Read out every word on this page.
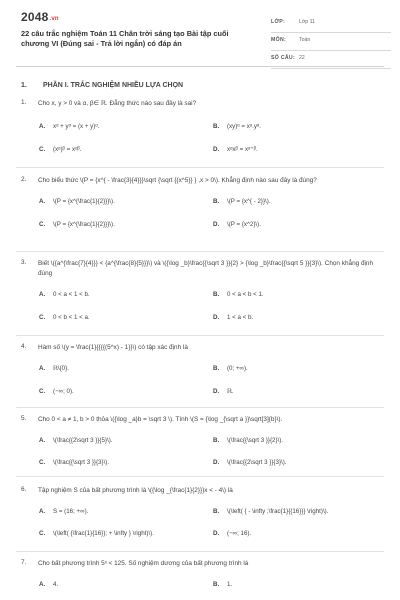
2048.vn
22 câu trắc nghiệm Toán 11 Chân trời sáng tạo Bài tập cuối chương VI (Đúng sai - Trả lời ngắn) có đáp án
LỚP:	Lớp 11
MÔN: Toán
SỐ CÂU: 22
1. PHẦN I. TRẮC NGHIỆM NHIỀU LỰA CHỌN
1.	Cho x, y > 0 và α, β∈ ℝ. Đẳng thức nào sau đây là sai?
A. xᵅ + yᵅ = (x + y)ᵅ.	B. (xy)ᵅ = xᵅ.yᵅ.
C. (xᵅ)ᵝ = xᵅᵝ.	D. xᵅxᵝ = xᵅ⁺ᵝ.
2.	Cho biểu thức \(P = {x^{ - \frac{3}{4}}}\sqrt {\sqrt {{x^5}} } ,x > 0\). Khẳng định nào sau đây là đúng?
A. \(P = {x^{\frac{1}{2}}}\).	B. \(P = {x^{ - 2}}\).
C. \(P = {x^{\frac{1}{2}}}\).	D. \(P = {x^2}\).
3.	Biết \({a^{\frac{7}{4}}} < {a^{\frac{8}{5}}}\) và \({\log _b}\frac{{\sqrt 3 }}{2} > {\log _b}\frac{{\sqrt 5 }}{3}\). Chọn khẳng định đúng
A. 0 < a < 1 < b.	B. 0 < a < b < 1.
C. 0 < b < 1 < a.	D. 1 < a < b.
4.	Hàm số \(y = \frac{1}{{{{(5^x) - 1}}\) có tập xác định là
A. ℝ\{0}.	B. (0; +∞).
C. (−∞; 0).	D. ℝ.
5.	Cho 0 < a ≠ 1, b > 0 thỏa \({\log _a}b = \sqrt 3 \). Tính \(S = {\log _{\sqrt a }}\sqrt[3]{b}\).
A. \(\frac{{2\sqrt 3 }}{5}\).	B. \(\frac{{\sqrt 3 }}{2}\).
C. \(\frac{{\sqrt 3 }}{3}\).	D. \(\frac{{2\sqrt 3 }}{3}\).
6.	Tập nghiệm S của bất phương trình là \({\log _{\frac{1}{2}}}x < - 4\) là
A. S = (16; +∞).	B. \(\left( { - \infty ;\frac{1}{{16}}} \right)\).
C. \(\left( {\frac{1}{16}}; + \infty } \right)\).	D. (−∞; 16).
7.	Cho bất phương trình 5ˣ < 125. Số nghiệm dương của bất phương trình là
A. 4.	B. 1.
